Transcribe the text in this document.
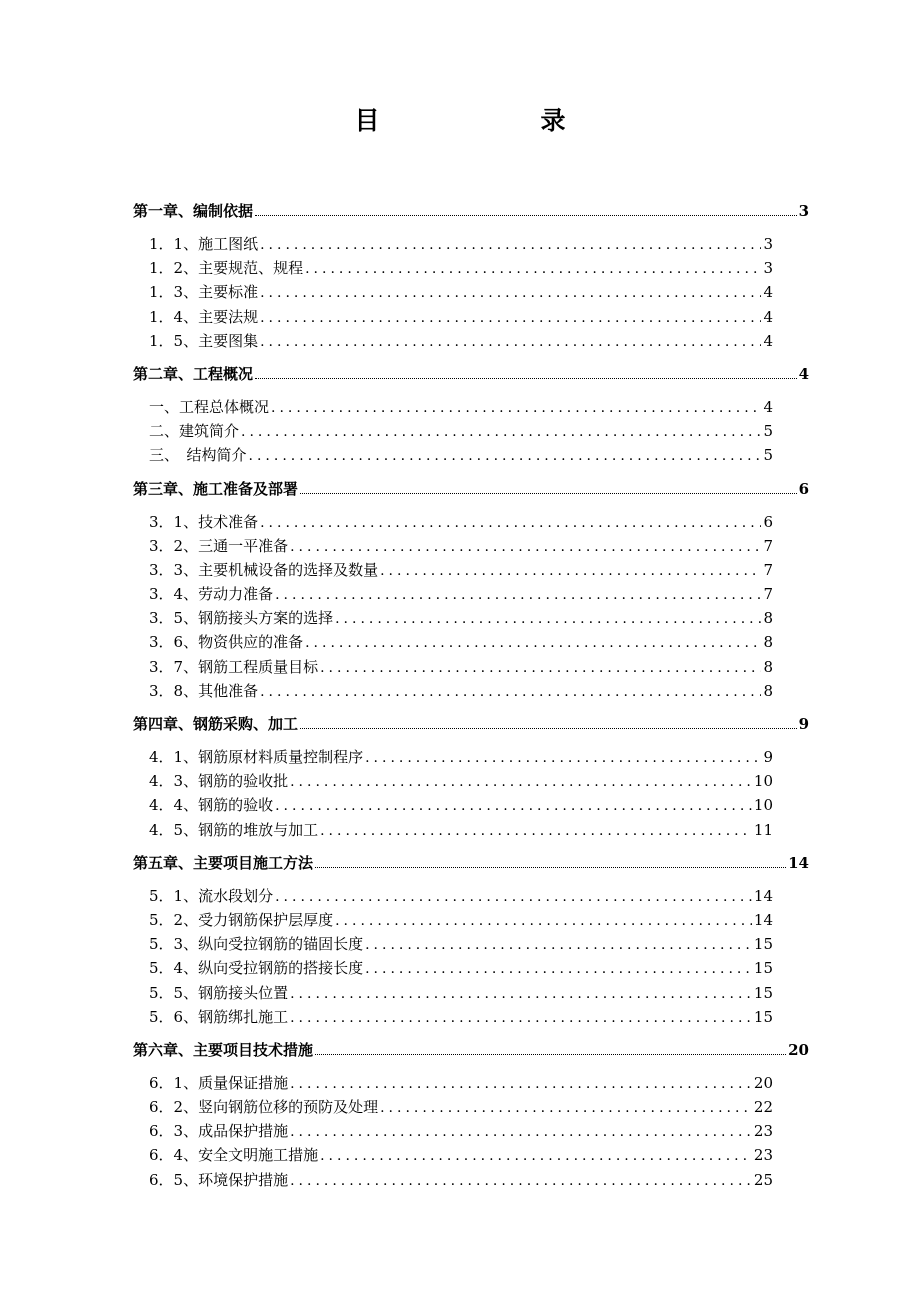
目　录
第一章、编制依据	3
1．1、施工图纸 .....	3
1．2、主要规范、规程 .....	3
1．3、主要标准 .....	4
1．4、主要法规 .....	4
1．5、主要图集 .....	4
第二章、工程概况	4
一、工程总体概况 .....	4
二、建筑简介 .....	5
三、　结构简介 .....	5
第三章、施工准备及部署	6
3．1、技术准备 .....	6
3．2、三通一平准备 .....	7
3．3、主要机械设备的选择及数量 .....	7
3．4、劳动力准备 .....	7
3．5、钢筋接头方案的选择 .....	8
3．6、物资供应的准备 .....	8
3．7、钢筋工程质量目标 .....	8
3．8、其他准备 .....	8
第四章、钢筋采购、加工	9
4．1、钢筋原材料质量控制程序 .....	9
4．3、钢筋的验收批 .....	10
4．4、钢筋的验收 .....	10
4．5、钢筋的堆放与加工 .....	11
第五章、主要项目施工方法	14
5．1、流水段划分 .....	14
5．2、受力钢筋保护层厚度 .....	14
5．3、纵向受拉钢筋的锚固长度 .....	15
5．4、纵向受拉钢筋的搭接长度 .....	15
5．5、钢筋接头位置 .....	15
5．6、钢筋绑扎施工 .....	15
第六章、主要项目技术措施	20
6．1、质量保证措施 .....	20
6．2、竖向钢筋位移的预防及处理 .....	22
6．3、成品保护措施 .....	23
6．4、安全文明施工措施 .....	23
6．5、环境保护措施 .....	25
